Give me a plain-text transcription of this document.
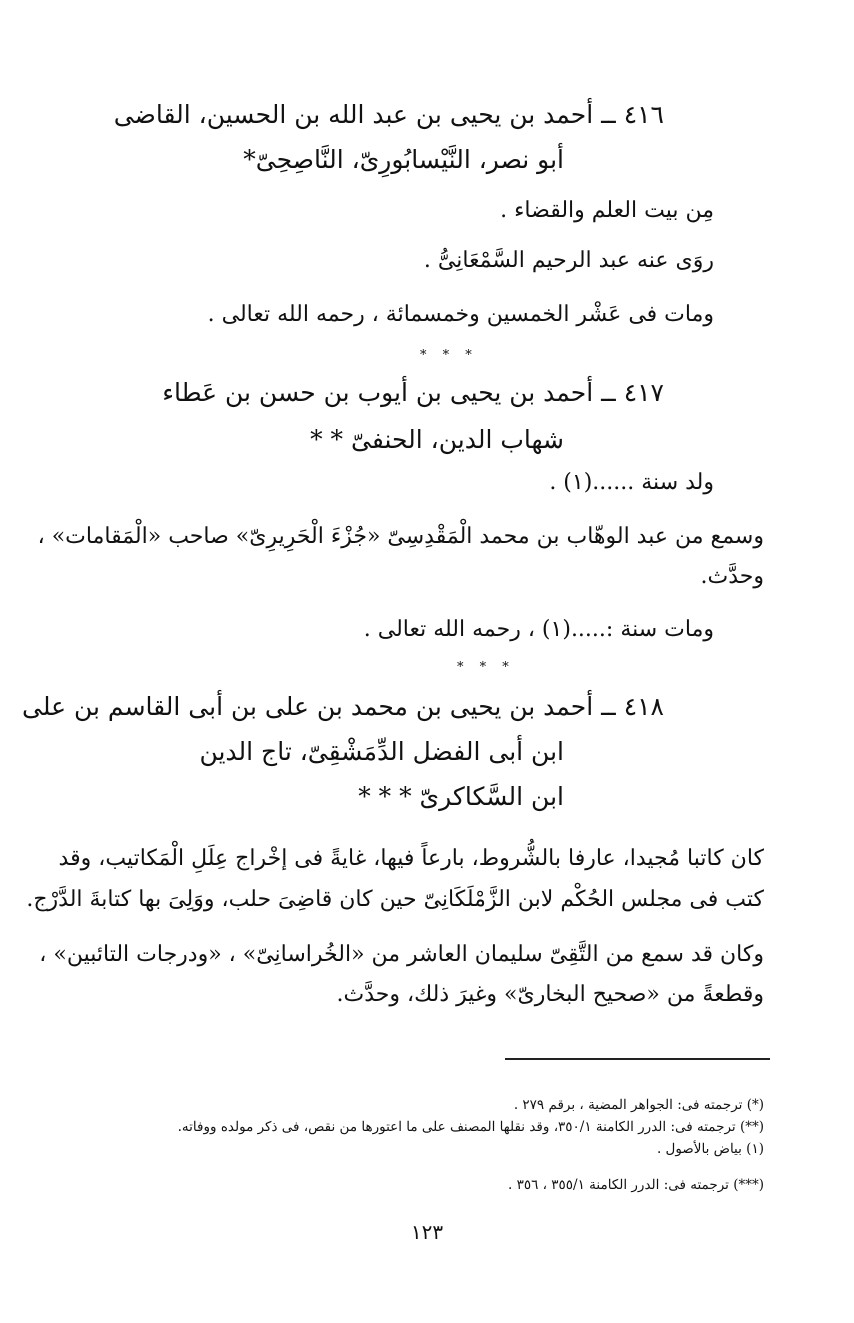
٤١٦ ــ أحمد بن يحيى بن عبد الله بن الحسين، القاضى
أبو نصر، النَّيْسابُورِىّ، النَّاصِحِىّ*
مِن بيت العلم والقضاء .
روَى عنه عبد الرحيم السَّمْعَانِىُّ .
ومات فى عَشْر الخمسين وخمسمائة ، رحمه الله تعالى .
* * *
٤١٧ ــ أحمد بن يحيى بن أيوب بن حسن بن عَطاء
شهاب الدين، الحنفىّ * *
ولد سنة ......(١) .
وسمع من عبد الوهّاب بن محمد الْمَقْدِسِىّ «جُزْءَ الْحَرِيرِىّ» صاحب «الْمَقامات» ،
وحدَّث.
ومات سنة :.....(١) ، رحمه الله تعالى .
* * *
٤١٨ ــ أحمد بن يحيى بن محمد بن على بن أبى القاسم بن على
ابن أبى الفضل الدِّمَشْقِىّ، تاج الدين
ابن السَّكاكرىّ * * *
كان كاتبا مُجيدا، عارفا بالشُّروط، بارعاً فيها، غايةً فى إخْراج عِلَلِ الْمَكاتيب، وقد
كتب فى مجلس الحُكْم لابن الزَّمْلَكَانِىّ حين كان قاضِىَ حلب، ووَلِىَ بها كتابةَ الدَّرْج.
وكان قد سمع من التَّقِىّ سليمان العاشر من «الخُراسانِىّ» ، «ودرجات التائبين» ،
وقطعةً من «صحيح البخارىّ» وغيرَ ذلك، وحدَّث.
(*) ترجمته فى: الجواهر المضية ، برقم ٢٧٩ .
(**) ترجمته فى: الدرر الكامنة ٣٥٠/١، وقد نقلها المصنف على ما اعتورها من نقص، فى ذكر مولده ووفاته.
(١) بياض بالأصول .
(***) ترجمته فى: الدرر الكامنة ٣٥٥/١ ، ٣٥٦ .
١٢٣
